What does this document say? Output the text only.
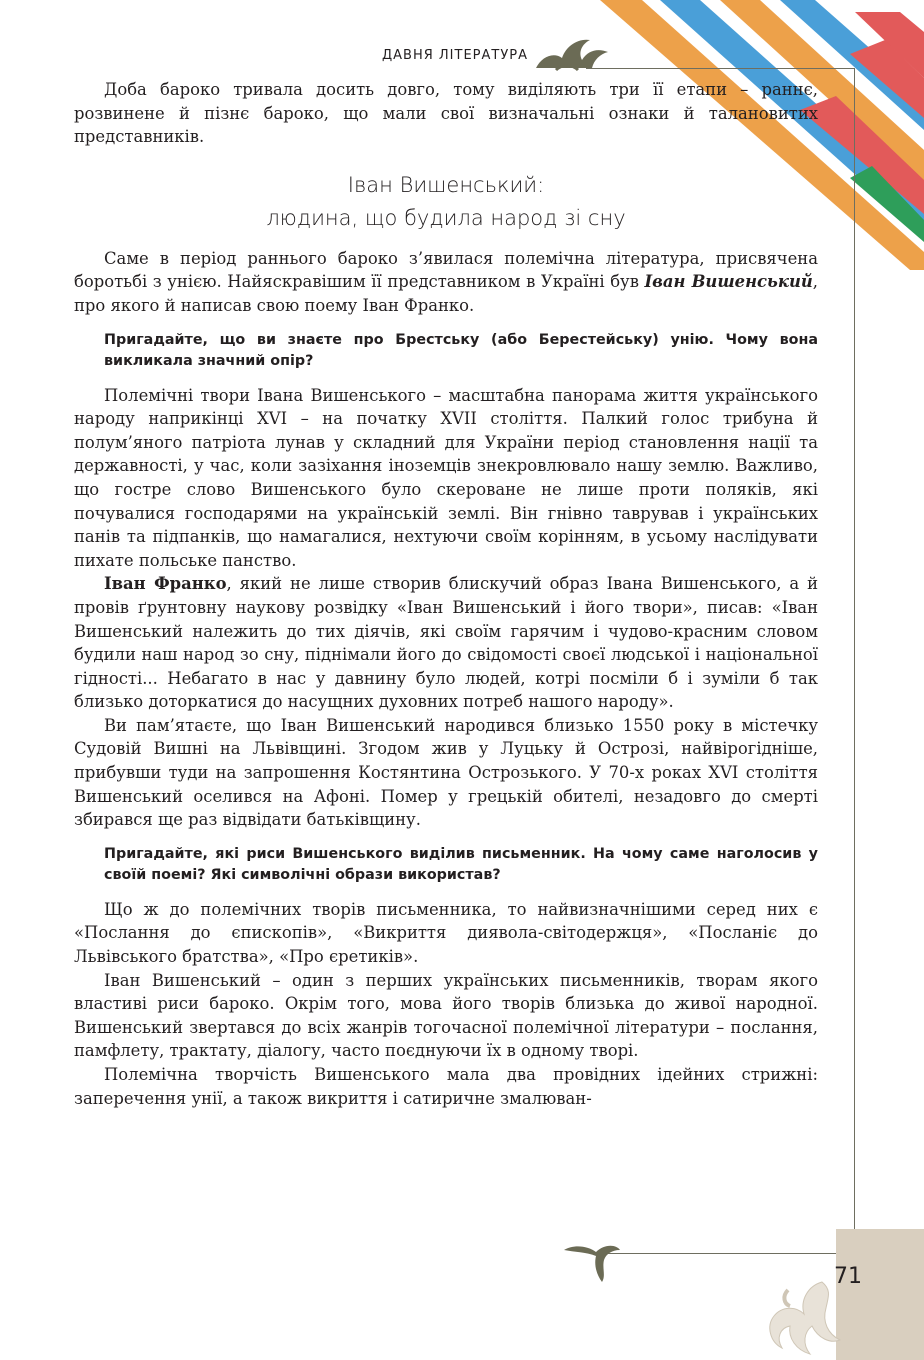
ДАВНЯ ЛІТЕРАТУРА
71

Доба бароко тривала досить довго, тому виділяють три її етапи – раннє, розвинене й пізнє бароко, що мали свої визначальні ознаки й талановитих представників.

Іван Вишенський:
людина, що будила народ зі сну

Саме в період раннього бароко з’явилася полемічна література, присвячена боротьбі з унією. Найяскравішим її представником в Україні був Іван Вишенський, про якого й написав свою поему Іван Франко.

Пригадайте, що ви знаєте про Брестську (або Берестейську) унію. Чому вона викликала значний опір?

Полемічні твори Івана Вишенського – масштабна панорама життя українського народу наприкінці XVI – на початку XVII століття. Палкий голос трибуна й полум’яного патріота лунав у складний для України період становлення нації та державності, у час, коли зазіхання іноземців знекровлювало нашу землю. Важливо, що гостре слово Вишенського було скероване не лише проти поляків, які почувалися господарями на українській землі. Він гнівно таврував і українських панів та підпанків, що намагалися, нехтуючи своїм корінням, в усьому наслідувати пихате польське панство.

Іван Франко, який не лише створив блискучий образ Івана Вишенського, а й провів ґрунтовну наукову розвідку «Іван Вишенський і його твори», писав: «Іван Вишенський належить до тих діячів, які своїм гарячим і чудово-красним словом будили наш народ зо сну, піднімали його до свідомості своєї людської і національної гідності... Небагато в нас у давнину було людей, котрі посміли б і зуміли б так близько доторкатися до насущних духовних потреб нашого народу».

Ви пам’ятаєте, що Іван Вишенський народився близько 1550 року в містечку Судовій Вишні на Львівщині. Згодом жив у Луцьку й Острозі, найвірогідніше, прибувши туди на запрошення Костянтина Острозького. У 70-х роках XVI століття Вишенський оселився на Афоні. Помер у грецькій обителі, незадовго до смерті збирався ще раз відвідати батьківщину.

Пригадайте, які риси Вишенського виділив письменник. На чому саме наголосив у своїй поемі? Які символічні образи використав?

Що ж до полемічних творів письменника, то найвизначнішими серед них є «Послання до єпископів», «Викриття диявола-світодержця», «Посланіє до Львівського братства», «Про єретиків».

Іван Вишенський – один з перших українських письменників, творам якого властиві риси бароко. Окрім того, мова його творів близька до живої народної. Вишенський звертався до всіх жанрів тогочасної полемічної літератури – послання, памфлету, трактату, діалогу, часто поєднуючи їх в одному творі.

Полемічна творчість Вишенського мала два провідних ідейних стрижні: заперечення унії, а також викриття і сатиричне змалюван-
